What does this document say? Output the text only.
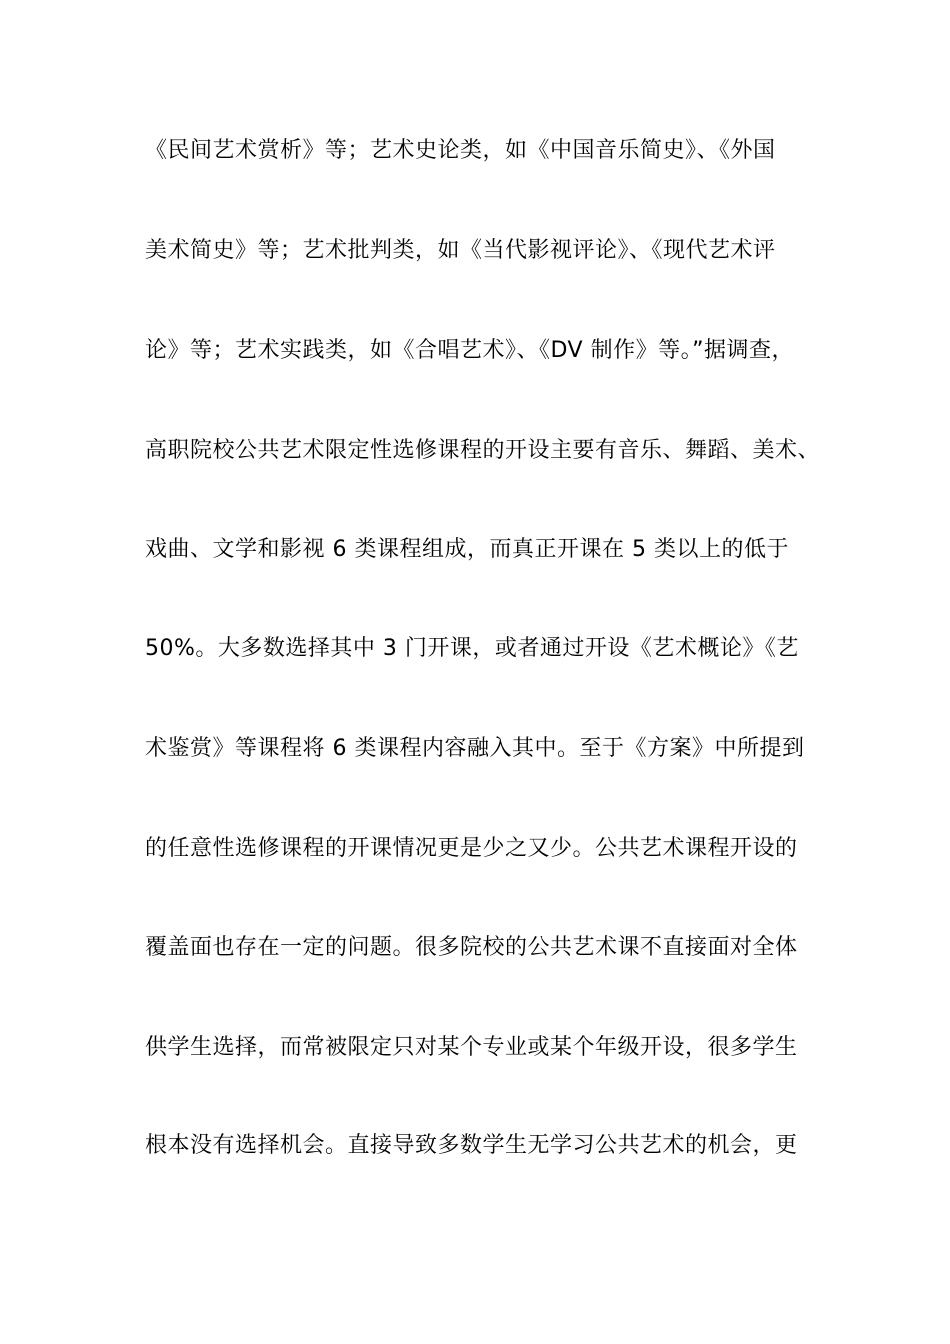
《民间艺术赏析》等；艺术史论类，如《中国音乐简史》、《外国
美术简史》等；艺术批判类，如《当代影视评论》、《现代艺术评
论》等；艺术实践类，如《合唱艺术》、《DV 制作》等。”据调查，
高职院校公共艺术限定性选修课程的开设主要有音乐、舞蹈、美术、
戏曲、文学和影视 6 类课程组成，而真正开课在 5 类以上的低于
50%。大多数选择其中 3 门开课，或者通过开设《艺术概论》《艺
术鉴赏》等课程将 6 类课程内容融入其中。至于《方案》中所提到
的任意性选修课程的开课情况更是少之又少。公共艺术课程开设的
覆盖面也存在一定的问题。很多院校的公共艺术课不直接面对全体
供学生选择，而常被限定只对某个专业或某个年级开设，很多学生
根本没有选择机会。直接导致多数学生无学习公共艺术的机会，更
